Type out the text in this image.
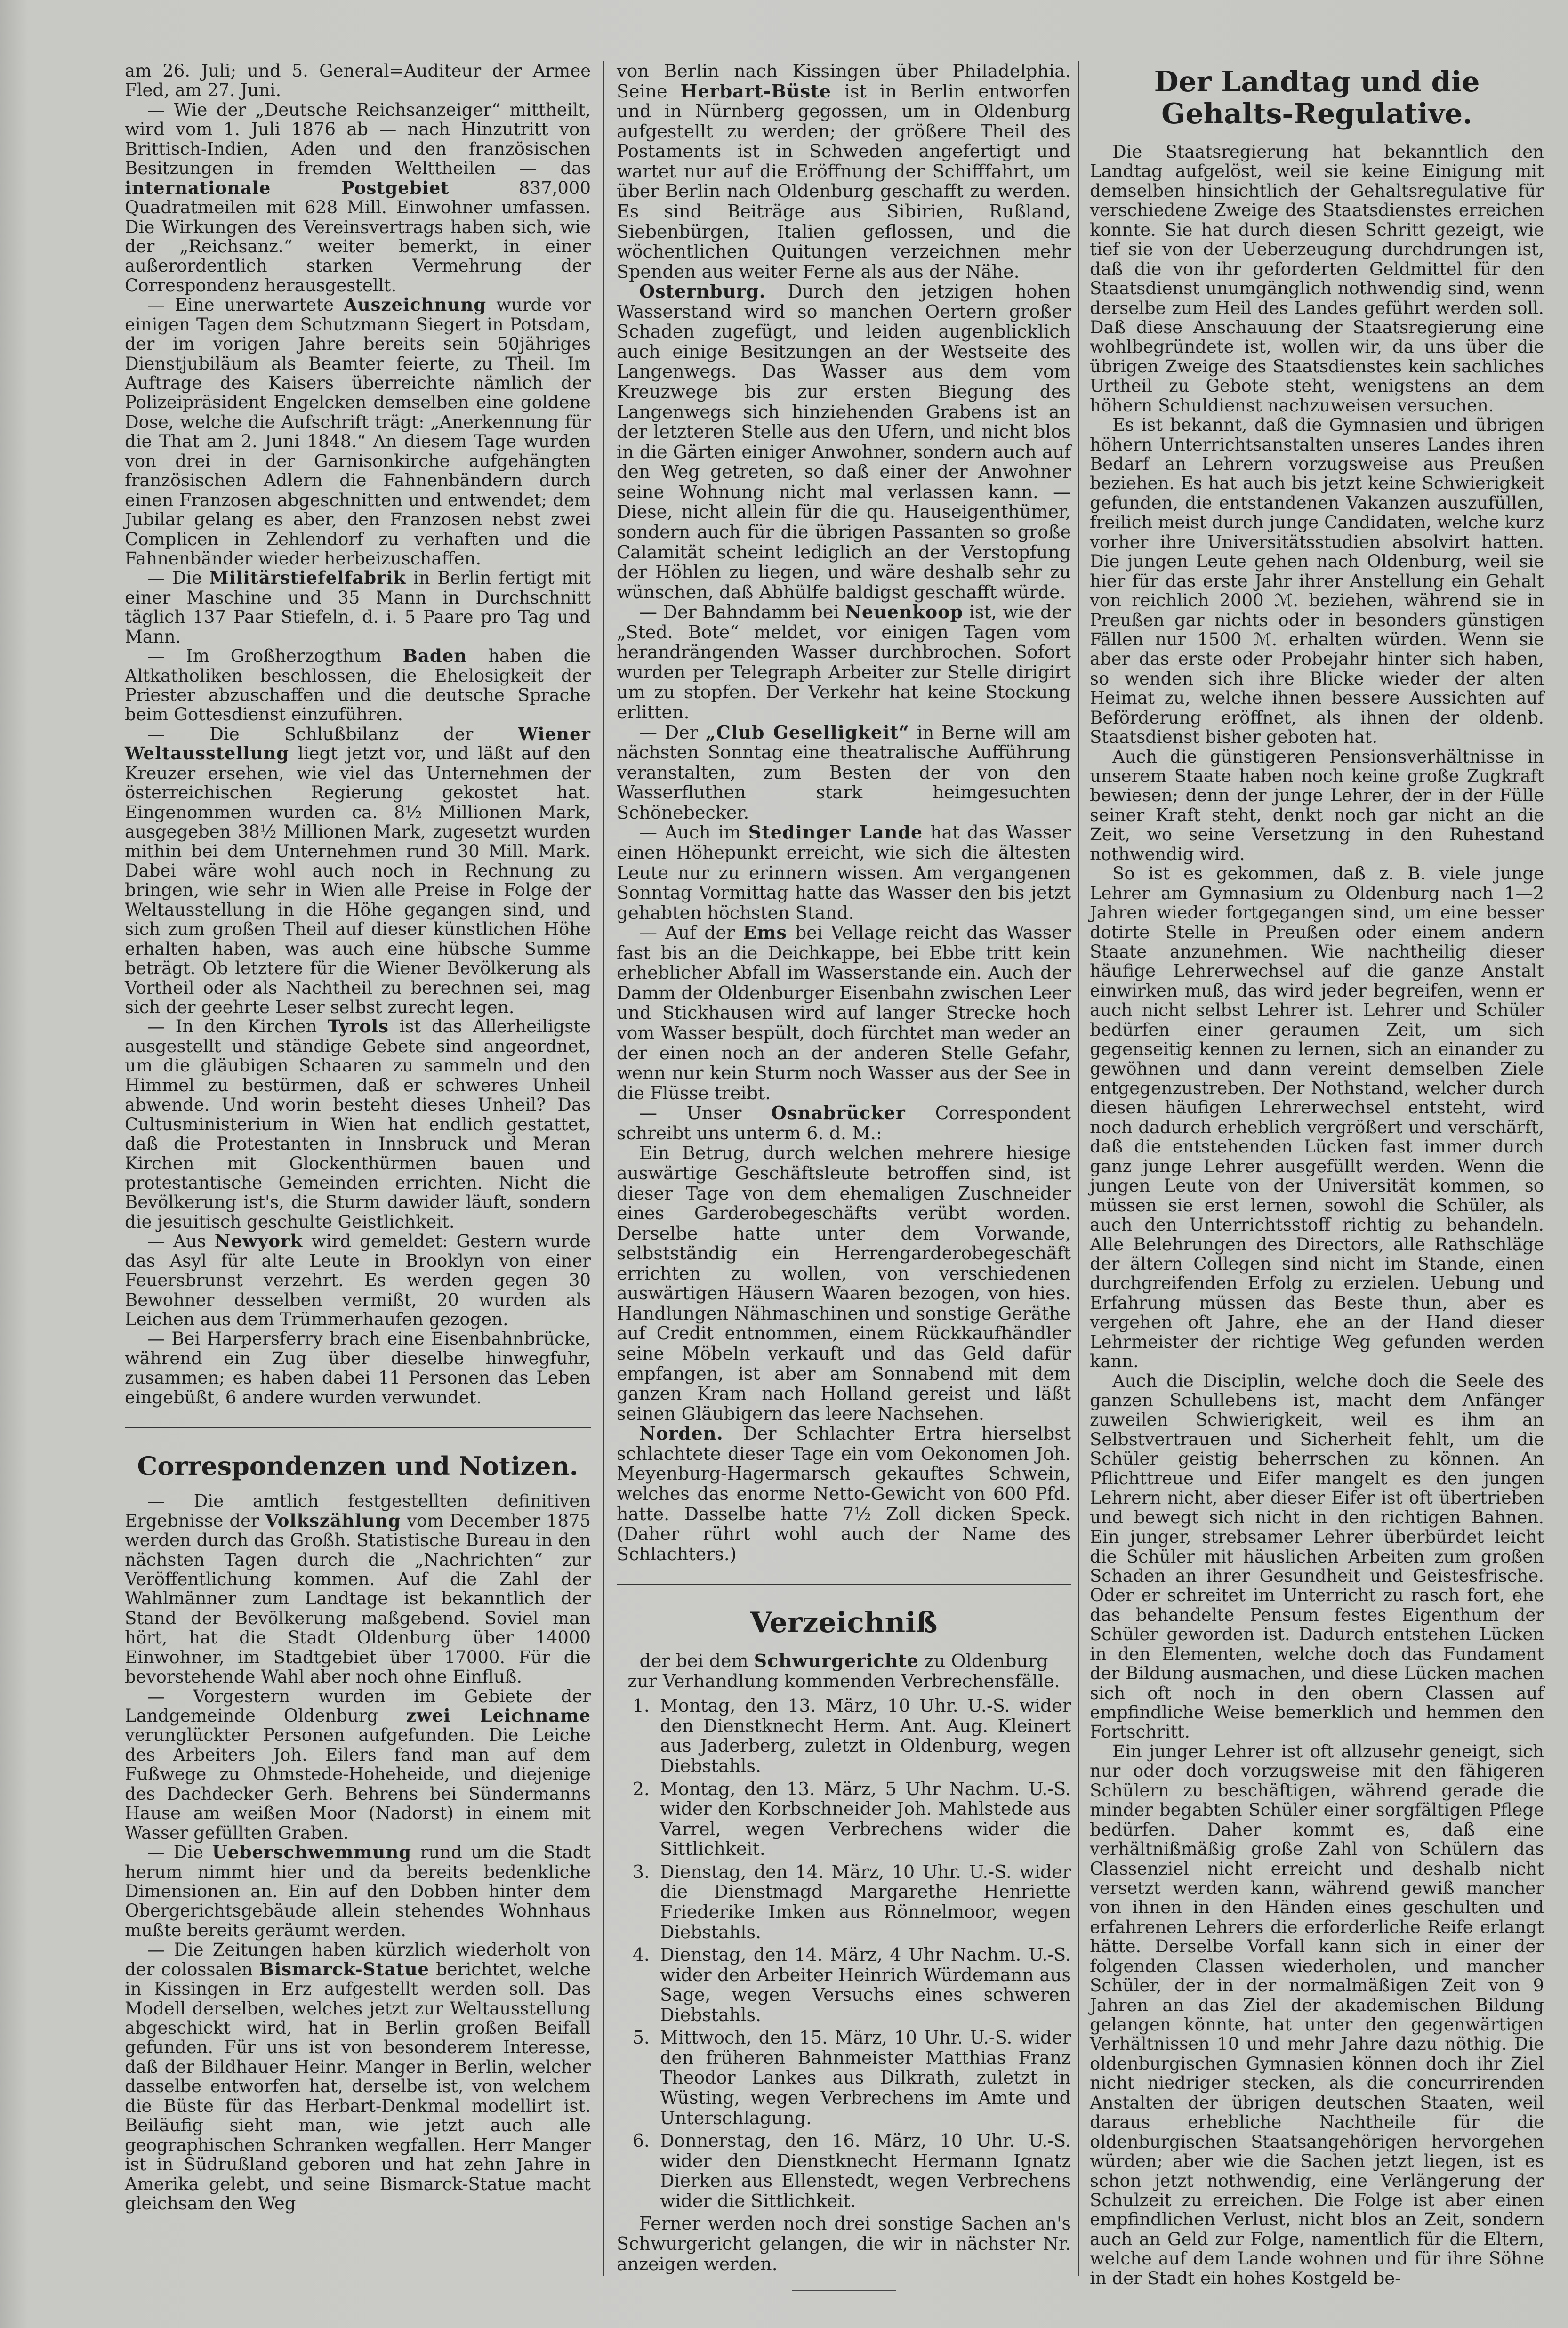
am 26. Juli; und 5. General=Auditeur der Armee Fled, am 27. Juni.

— Wie der „Deutsche Reichsanzeiger“ mittheilt, wird vom 1. Juli 1876 ab — nach Hinzutritt von Brittisch-Indien, Aden und den französischen Besitzungen in fremden Welttheilen — das internationale Postgebiet	837,000 Quadratmeilen mit 628 Mill. Einwohner umfassen. Die Wirkungen des Vereinsvertrags haben sich, wie der „Reichsanz.“ weiter bemerkt, in einer außerordentlich starken Vermehrung der Correspondenz herausgestellt.

— Eine unerwartete Auszeichnung wurde vor einigen Tagen dem Schutzmann Siegert in Potsdam, der im vorigen Jahre bereits sein 50jähriges Dienstjubiläum als Beamter feierte, zu Theil. Im Auftrage des Kaisers überreichte nämlich der Polizeipräsident Engelcken demselben eine goldene Dose, welche die Aufschrift trägt: „Anerkennung für die That am 2. Juni 1848.“ An diesem Tage wurden von drei in der Garnisonkirche aufgehängten französischen Adlern die Fahnenbändern durch einen Franzosen abgeschnitten und entwendet; dem Jubilar gelang es aber, den Franzosen nebst zwei Complicen in Zehlendorf zu verhaften und die Fahnenbänder wieder herbeizuschaffen.

— Die Militärstiefelfabrik in Berlin fertigt mit einer Maschine und 35 Mann in Durchschnitt täglich 137 Paar Stiefeln, d. i. 5 Paare pro Tag und Mann.

— Im Großherzogthum Baden haben die Altkatholiken beschlossen, die Ehelosigkeit der Priester abzuschaffen und die deutsche Sprache beim Gottesdienst einzuführen.

— Die Schlußbilanz der	Wiener Weltausstellung liegt jetzt vor, und läßt auf den Kreuzer ersehen, wie viel das Unternehmen der österreichischen Regierung gekostet hat. Eingenommen wurden ca. 8½ Millionen Mark, ausgegeben 38½ Millionen Mark, zugesetzt wurden mithin bei dem Unternehmen rund 30 Mill. Mark. Dabei wäre wohl auch noch in Rechnung zu bringen, wie sehr in Wien alle Preise in Folge der Weltausstellung in die Höhe gegangen sind, und sich zum großen Theil auf dieser künstlichen Höhe erhalten haben, was auch eine hübsche Summe beträgt. Ob letztere für die Wiener Bevölkerung als Vortheil oder als Nachtheil zu berechnen sei, mag sich der geehrte Leser selbst zurecht legen.

— In den Kirchen Tyrols ist das Allerheiligste ausgestellt und ständige Gebete sind angeordnet, um die gläubigen Schaaren zu sammeln und den Himmel zu bestürmen, daß er schweres Unheil abwende. Und worin besteht dieses Unheil? Das Cultusministerium in Wien hat endlich gestattet, daß die Protestanten in Innsbruck und Meran Kirchen mit Glockenthürmen bauen und protestantische Gemeinden errichten. Nicht die Bevölkerung ist's, die Sturm dawider läuft, sondern die jesuitisch geschulte Geistlichkeit.

— Aus Newyork wird gemeldet: Gestern wurde das Asyl für alte Leute in Brooklyn von einer Feuersbrunst verzehrt. Es werden gegen 30 Bewohner desselben vermißt, 20 wurden als Leichen aus dem Trümmerhaufen gezogen.

— Bei Harpersferry brach eine Eisenbahnbrücke, während ein Zug über dieselbe hinwegfuhr, zusammen; es haben dabei 11 Personen das Leben eingebüßt, 6 andere wurden verwundet.

Correspondenzen und Notizen.

— Die amtlich festgestellten definitiven Ergebnisse der Volkszählung vom December 1875 werden durch das Großh. Statistische Bureau in den nächsten Tagen durch die „Nachrichten“ zur Veröffentlichung kommen. Auf die Zahl der Wahlmänner zum Landtage ist bekanntlich der Stand der Bevölkerung maßgebend. Soviel man hört, hat die Stadt Oldenburg über 14000 Einwohner, im Stadtgebiet über 17000. Für die bevorstehende Wahl aber noch ohne Einfluß.

— Vorgestern wurden im Gebiete der Landgemeinde Oldenburg zwei Leichname verunglückter Personen aufgefunden. Die Leiche des Arbeiters Joh. Eilers fand man auf dem Fußwege zu Ohmstede-Hoheheide, und diejenige des Dachdecker Gerh. Behrens bei Sündermanns Hause am weißen Moor (Nadorst) in einem mit Wasser gefüllten Graben.

— Die Ueberschwemmung rund um die Stadt herum nimmt hier und da bereits bedenkliche Dimensionen an. Ein auf den Dobben hinter dem Obergerichtsgebäude allein stehendes Wohnhaus mußte bereits geräumt werden.

— Die Zeitungen haben kürzlich wiederholt von der colossalen Bismarck-Statue berichtet, welche in Kissingen in Erz aufgestellt werden soll. Das Modell derselben, welches jetzt zur Weltausstellung abgeschickt wird, hat in Berlin großen Beifall gefunden. Für uns ist von besonderem Interesse, daß der Bildhauer Heinr. Manger in Berlin, welcher dasselbe entworfen hat, derselbe ist, von welchem die Büste für das Herbart-Denkmal modellirt ist. Beiläufig sieht man, wie jetzt auch alle geographischen Schranken wegfallen. Herr Manger ist in Südrußland geboren und hat zehn Jahre in Amerika gelebt, und seine Bismarck-Statue macht gleichsam den Weg

von Berlin nach Kissingen über Philadelphia. Seine Herbart-Büste ist in Berlin entworfen und in Nürnberg gegossen, um in Oldenburg aufgestellt zu werden; der größere Theil des Postaments ist in Schweden angefertigt und wartet nur auf die Eröffnung der Schifffahrt, um über Berlin nach Oldenburg geschafft zu werden. Es sind Beiträge aus Sibirien, Rußland, Siebenbürgen, Italien geflossen, und die wöchentlichen Quitungen verzeichnen mehr Spenden aus weiter Ferne als aus der Nähe.

Osternburg. Durch den jetzigen hohen Wasserstand wird so manchen Oertern großer Schaden zugefügt, und leiden augenblicklich auch einige Besitzungen an der Westseite des Langenwegs. Das Wasser aus dem vom Kreuzwege bis zur ersten Biegung des Langenwegs sich hinziehenden Grabens ist an der letzteren Stelle aus den Ufern, und nicht blos in die Gärten einiger Anwohner, sondern auch auf den Weg getreten, so daß einer der Anwohner seine Wohnung nicht mal verlassen kann. — Diese, nicht allein für die qu. Hauseigenthümer, sondern auch für die übrigen Passanten so große Calamität scheint lediglich an der Verstopfung der Höhlen zu liegen, und wäre deshalb sehr zu wünschen, daß Abhülfe baldigst geschafft würde.

— Der Bahndamm bei Neuenkoop ist, wie der „Sted. Bote“ meldet, vor einigen Tagen vom herandrängenden Wasser durchbrochen. Sofort wurden per Telegraph Arbeiter zur Stelle dirigirt um zu stopfen. Der Verkehr hat keine Stockung erlitten.

— Der „Club Geselligkeit“ in Berne will am nächsten Sonntag eine theatralische Aufführung veranstalten, zum Besten der von den Wasserfluthen stark heimgesuchten Schönebecker.

— Auch im Stedinger Lande hat das Wasser einen Höhepunkt erreicht, wie sich die ältesten Leute nur zu erinnern wissen. Am vergangenen Sonntag Vormittag hatte das Wasser den bis jetzt gehabten höchsten Stand.

— Auf der Ems bei Vellage reicht das Wasser fast bis an die Deichkappe, bei Ebbe tritt kein erheblicher Abfall im Wasserstande ein. Auch der Damm der Oldenburger Eisenbahn zwischen Leer und Stickhausen wird auf langer Strecke hoch vom Wasser bespült, doch fürchtet man weder an der einen noch an der anderen Stelle Gefahr, wenn nur kein Sturm noch Wasser aus der See in die Flüsse treibt.

— Unser Osnabrücker Correspondent schreibt uns unterm 6. d. M.:

Ein Betrug, durch welchen mehrere hiesige auswärtige Geschäftsleute betroffen sind, ist dieser Tage von dem ehemaligen Zuschneider eines Garderobegeschäfts verübt worden. Derselbe hatte unter dem Vorwande, selbstständig ein Herrengarderobegeschäft errichten zu wollen, von verschiedenen auswärtigen Häusern Waaren bezogen, von hies. Handlungen Nähmaschinen und sonstige Geräthe auf Credit entnommen, einem Rückkaufhändler seine Möbeln verkauft und das Geld dafür empfangen, ist aber am Sonnabend mit dem ganzen Kram nach Holland gereist und läßt seinen Gläubigern das leere Nachsehen.

Norden. Der Schlachter Ertra hierselbst schlachtete dieser Tage ein vom Oekonomen Joh. Meyenburg-Hagermarsch gekauftes Schwein, welches das enorme Netto-Gewicht von 600 Pfd. hatte. Dasselbe hatte 7½ Zoll dicken Speck. (Daher rührt wohl auch der Name des Schlachters.)

Verzeichniß

der bei dem Schwurgerichte zu Oldenburg zur Verhandlung kommenden Verbrechensfälle.

1. Montag, den 13. März, 10 Uhr. U.-S. wider den Dienstknecht Herm. Ant. Aug. Kleinert aus Jaderberg, zuletzt in Oldenburg, wegen Diebstahls.
2. Montag, den 13. März, 5 Uhr Nachm. U.-S. wider den Korbschneider Joh. Mahlstede aus Varrel, wegen Verbrechens wider die Sittlichkeit.
3. Dienstag, den 14. März, 10 Uhr. U.-S. wider die Dienstmagd Margarethe Henriette Friederike Imken aus Rönnelmoor, wegen Diebstahls.
4. Dienstag, den 14. März, 4 Uhr Nachm. U.-S. wider den Arbeiter Heinrich Würdemann aus Sage, wegen Versuchs eines schweren Diebstahls.
5. Mittwoch, den 15. März, 10 Uhr. U.-S. wider den früheren Bahnmeister Matthias Franz Theodor Lankes aus Dilkrath, zuletzt in Wüsting, wegen Verbrechens im Amte und Unterschlagung.
6. Donnerstag, den 16. März, 10 Uhr. U.-S. wider den Dienstknecht Hermann Ignatz Dierken aus Ellenstedt, wegen Verbrechens wider die Sittlichkeit.

Ferner werden noch drei sonstige Sachen an's Schwurgericht gelangen, die wir in nächster Nr. anzeigen werden.

Der Landtag und die Gehalts-Regulative.

Die Staatsregierung hat bekanntlich den Landtag aufgelöst, weil sie keine Einigung mit demselben hinsichtlich der Gehaltsregulative für verschiedene Zweige des Staatsdienstes erreichen konnte. Sie hat durch diesen Schritt gezeigt, wie tief sie von der Ueberzeugung durchdrungen ist, daß die von ihr geforderten Geldmittel für den Staatsdienst unumgänglich nothwendig sind, wenn derselbe zum Heil des Landes geführt werden soll. Daß diese Anschauung der Staatsregierung eine wohlbegründete ist, wollen wir, da uns über die übrigen Zweige des Staatsdienstes kein sachliches Urtheil zu Gebote steht, wenigstens an dem höhern Schuldienst nachzuweisen versuchen.

Es ist bekannt, daß die Gymnasien und übrigen höhern Unterrichtsanstalten unseres Landes ihren Bedarf an Lehrern vorzugsweise aus Preußen beziehen. Es hat auch bis jetzt keine Schwierigkeit gefunden, die entstandenen Vakanzen auszufüllen, freilich meist durch junge Candidaten, welche kurz vorher ihre Universitätsstudien absolvirt hatten. Die jungen Leute gehen nach Oldenburg, weil sie hier für das erste Jahr ihrer Anstellung ein Gehalt von reichlich 2000 ℳ. beziehen, während sie in Preußen gar nichts oder in besonders günstigen Fällen nur 1500 ℳ. erhalten würden. Wenn sie aber das erste oder Probejahr hinter sich haben, so wenden sich ihre Blicke wieder der alten Heimat zu, welche ihnen bessere Aussichten auf Beförderung eröffnet, als ihnen der oldenb. Staatsdienst bisher geboten hat.

Auch die günstigeren Pensionsverhältnisse in unserem Staate haben noch keine große Zugkraft bewiesen; denn der junge Lehrer, der in der Fülle seiner Kraft steht, denkt noch gar nicht an die Zeit, wo seine Versetzung in den Ruhestand nothwendig wird.

So ist es gekommen, daß z. B. viele junge Lehrer am Gymnasium zu Oldenburg nach 1—2 Jahren wieder fortgegangen sind, um eine besser dotirte Stelle in Preußen oder einem andern Staate anzunehmen. Wie nachtheilig dieser häufige Lehrerwechsel auf die ganze Anstalt einwirken muß, das wird jeder begreifen, wenn er auch nicht selbst Lehrer ist. Lehrer und Schüler bedürfen einer geraumen Zeit, um sich gegenseitig kennen zu lernen, sich an einander zu gewöhnen und dann vereint demselben Ziele entgegenzustreben. Der Nothstand, welcher durch diesen häufigen Lehrerwechsel entsteht, wird noch dadurch erheblich vergrößert und verschärft, daß die entstehenden Lücken fast immer durch ganz junge Lehrer ausgefüllt werden. Wenn die jungen Leute von der Universität kommen, so müssen sie erst lernen, sowohl die Schüler, als auch den Unterrichtsstoff richtig zu behandeln. Alle Belehrungen des Directors, alle Rathschläge der ältern Collegen sind nicht im Stande, einen durchgreifenden Erfolg zu erzielen. Uebung und Erfahrung müssen das Beste thun, aber es vergehen oft Jahre, ehe an der Hand dieser Lehrmeister der richtige Weg gefunden werden kann.

Auch die Disciplin, welche doch die Seele des ganzen Schullebens ist, macht dem Anfänger zuweilen Schwierigkeit, weil es ihm an Selbstvertrauen und Sicherheit fehlt, um die Schüler geistig beherrschen zu können. An Pflichttreue und Eifer mangelt es den jungen Lehrern nicht, aber dieser Eifer ist oft übertrieben und bewegt sich nicht in den richtigen Bahnen. Ein junger, strebsamer Lehrer überbürdet leicht die Schüler mit häuslichen Arbeiten zum großen Schaden an ihrer Gesundheit und Geistesfrische. Oder er schreitet im Unterricht zu rasch fort, ehe das behandelte Pensum festes Eigenthum der Schüler geworden ist. Dadurch entstehen Lücken in den Elementen, welche doch das Fundament der Bildung ausmachen, und diese Lücken machen sich oft noch in den obern Classen auf empfindliche Weise bemerklich und hemmen den Fortschritt.

Ein junger Lehrer ist oft allzusehr geneigt, sich nur oder doch vorzugsweise mit den fähigeren Schülern zu beschäftigen, während gerade die minder begabten Schüler einer sorgfältigen Pflege bedürfen. Daher kommt es, daß eine verhältnißmäßig große Zahl von Schülern das Classenziel nicht erreicht und deshalb nicht versetzt werden kann, während gewiß mancher von ihnen in den Händen eines geschulten und erfahrenen Lehrers die erforderliche Reife erlangt hätte. Derselbe Vorfall kann sich in einer der folgenden Classen wiederholen, und mancher Schüler, der in der normalmäßigen Zeit von 9 Jahren an das Ziel der akademischen Bildung gelangen könnte, hat unter den gegenwärtigen Verhältnissen 10 und mehr Jahre dazu nöthig. Die oldenburgischen Gymnasien können doch ihr Ziel nicht niedriger stecken, als die concurrirenden Anstalten der übrigen deutschen Staaten, weil daraus erhebliche Nachtheile für die oldenburgischen Staatsangehörigen hervorgehen würden; aber wie die Sachen jetzt liegen, ist es schon jetzt nothwendig, eine Verlängerung der Schulzeit zu erreichen. Die Folge ist aber einen empfindlichen Verlust, nicht blos an Zeit, sondern auch an Geld zur Folge, namentlich für die Eltern, welche auf dem Lande wohnen und für ihre Söhne in der Stadt ein hohes Kostgeld be-
